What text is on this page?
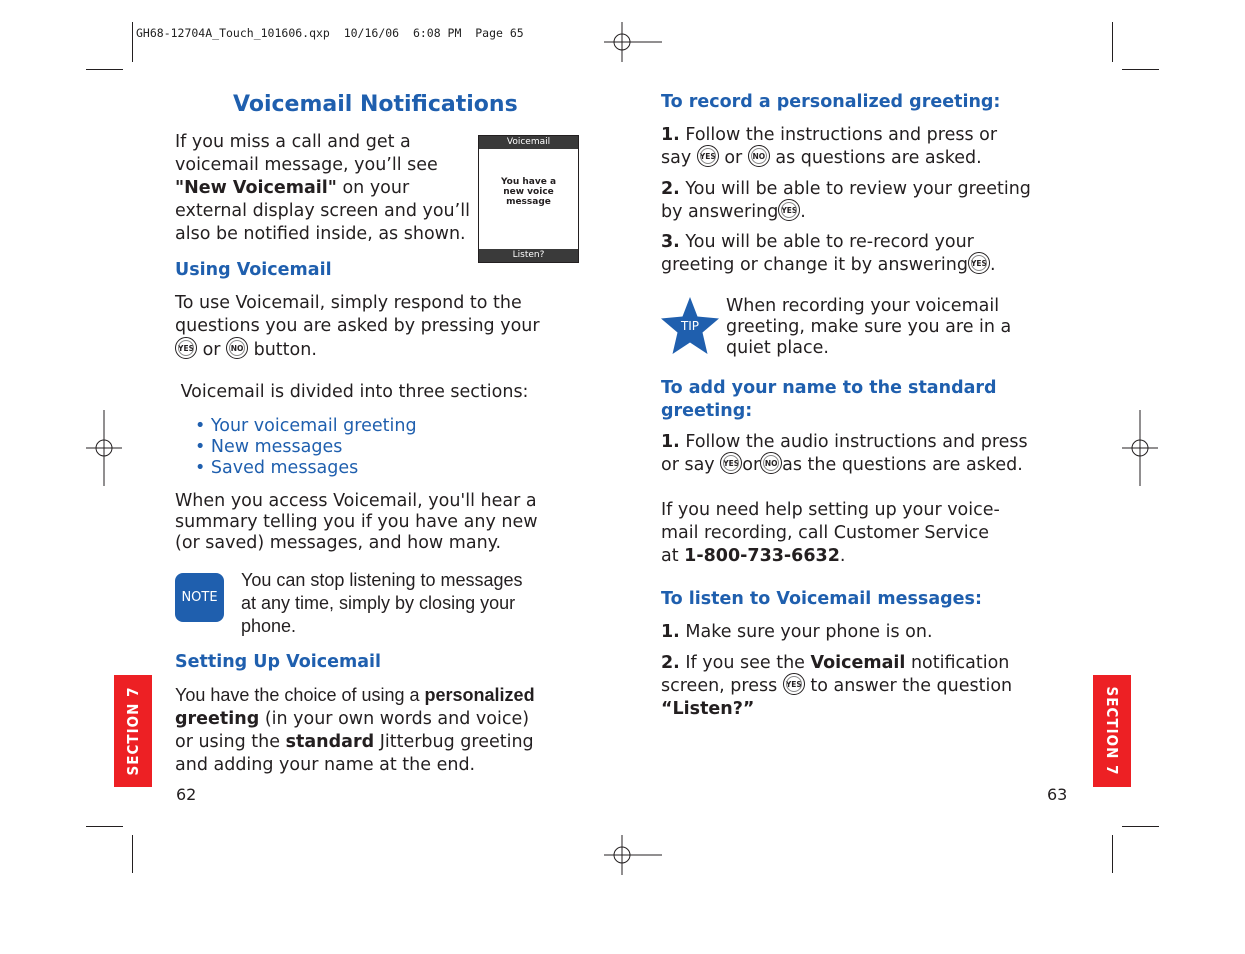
GH68-12704A_Touch_101606.qxp  10/16/06  6:08 PM  Page 65
Voicemail Notifications
If you miss a call and get a
voicemail message, you’ll see
"New Voicemail" on your
external display screen and you’ll
also be notified inside, as shown.
Voicemail
You have a
new voice
message
Listen?
Using Voicemail
To use Voicemail, simply respond to the
questions you are asked by pressing your
YES or NO button.
Voicemail is divided into three sections:
• Your voicemail greeting
• New messages
• Saved messages
When you access Voicemail, you'll hear a
summary telling you if you have any new
(or saved) messages, and how many.
NOTE
You can stop listening to messages
at any time, simply by closing your
phone.
Setting Up Voicemail
You have the choice of using a personalized
greeting (in your own words and voice)
or using the standard Jitterbug greeting
and adding your name at the end.
SECTION 7
62
To record a personalized greeting:
1. Follow the instructions and press or
say YES or NO as questions are asked.
2. You will be able to review your greeting
by answering YES .
3. You will be able to re-record your
greeting or change it by answering YES .
TIP
When recording your voicemail
greeting, make sure you are in a
quiet place.
To add your name to the standard
greeting:
1. Follow the audio instructions and press
or say YES or NO as the questions are asked.
If you need help setting up your voice-
mail recording, call Customer Service
at 1-800-733-6632.
To listen to Voicemail messages:
1. Make sure your phone is on.
2. If you see the Voicemail notification
screen, press YES to answer the question
“Listen?”	SECTION 7
63
